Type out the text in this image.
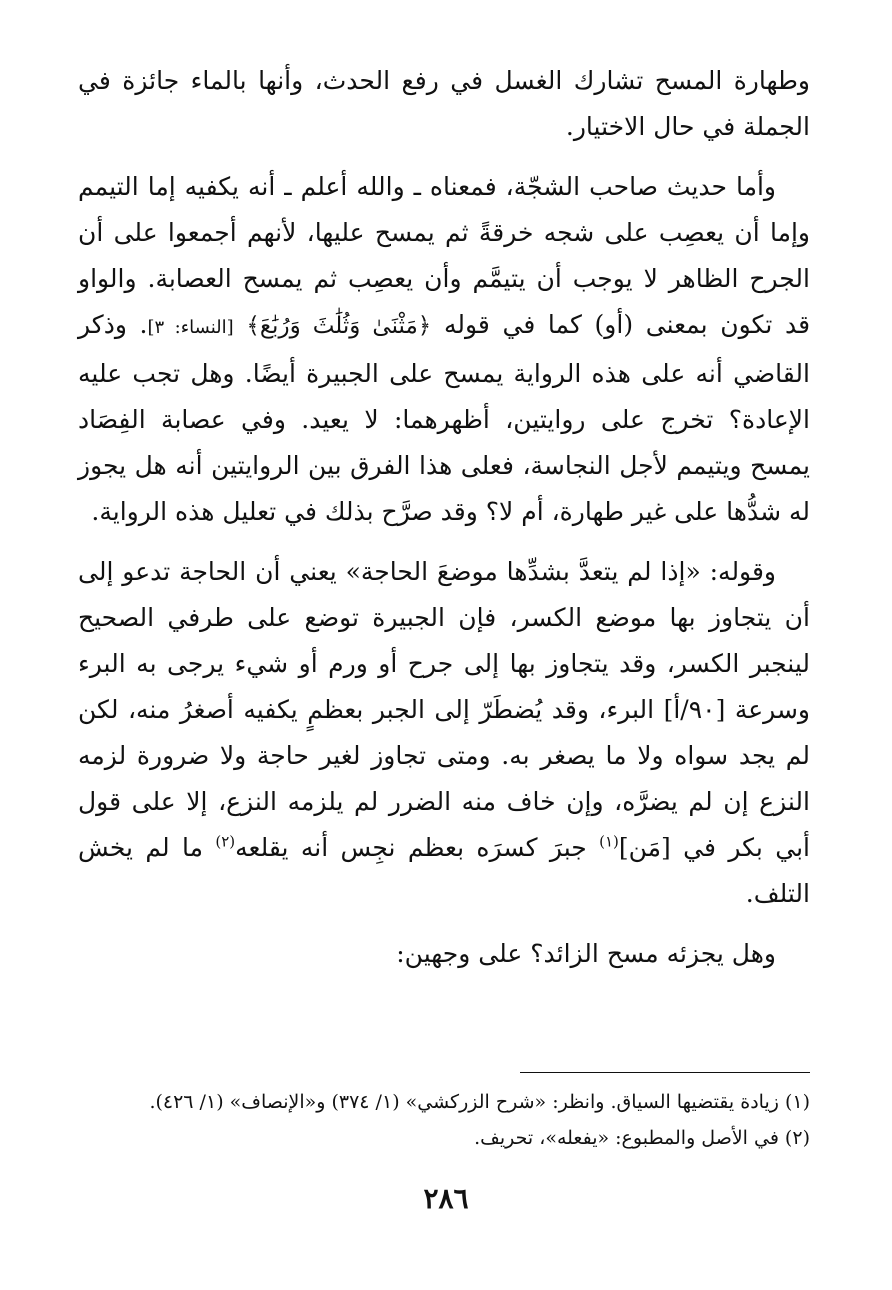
وطهارة المسح تشارك الغسل في رفع الحدث، وأنها بالماء جائزة في الجملة في حال الاختيار.

وأما حديث صاحب الشجّة، فمعناه ـ والله أعلم ـ أنه يكفيه إما التيمم وإما أن يعصِب على شجه خرقةً ثم يمسح عليها، لأنهم أجمعوا على أن الجرح الظاهر لا يوجب أن يتيمَّم وأن يعصِب ثم يمسح العصابة. والواو قد تكون بمعنى (أو) كما في قوله ﴿مَثْنَىٰ وَثُلَٰثَ وَرُبَٰعَ﴾ [النساء: ٣]. وذكر القاضي أنه على هذه الرواية يمسح على الجبيرة أيضًا. وهل تجب عليه الإعادة؟ تخرج على روايتين، أظهرهما: لا يعيد. وفي عصابة الفِصَاد يمسح ويتيمم لأجل النجاسة، فعلى هذا الفرق بين الروايتين أنه هل يجوز له شدُّها على غير طهارة، أم لا؟ وقد صرَّح بذلك في تعليل هذه الرواية.

وقوله: «إذا لم يتعدَّ بشدِّها موضعَ الحاجة» يعني أن الحاجة تدعو إلى أن يتجاوز بها موضع الكسر، فإن الجبيرة توضع على طرفي الصحيح لينجبر الكسر، وقد يتجاوز بها إلى جرح أو ورم أو شيء يرجى به البرء وسرعة [٩٠/أ] البرء، وقد يُضطَرّ إلى الجبر بعظمٍ يكفيه أصغرُ منه، لكن لم يجد سواه ولا ما يصغر به. ومتى تجاوز لغير حاجة ولا ضرورة لزمه النزع إن لم يضرَّه، وإن خاف منه الضرر لم يلزمه النزع، إلا على قول أبي بكر في [مَن]$^{(١)}$ جبرَ كسرَه بعظم نجِس أنه يقلعه$^{(٢)}$ ما لم يخش التلف.

وهل يجزئه مسح الزائد؟ على وجهين:

(١) زيادة يقتضيها السياق. وانظر: «شرح الزركشي» (١/ ٣٧٤) و«الإنصاف» (١/ ٤٢٦).

(٢) في الأصل والمطبوع: «يفعله»، تحريف.

٢٨٦
